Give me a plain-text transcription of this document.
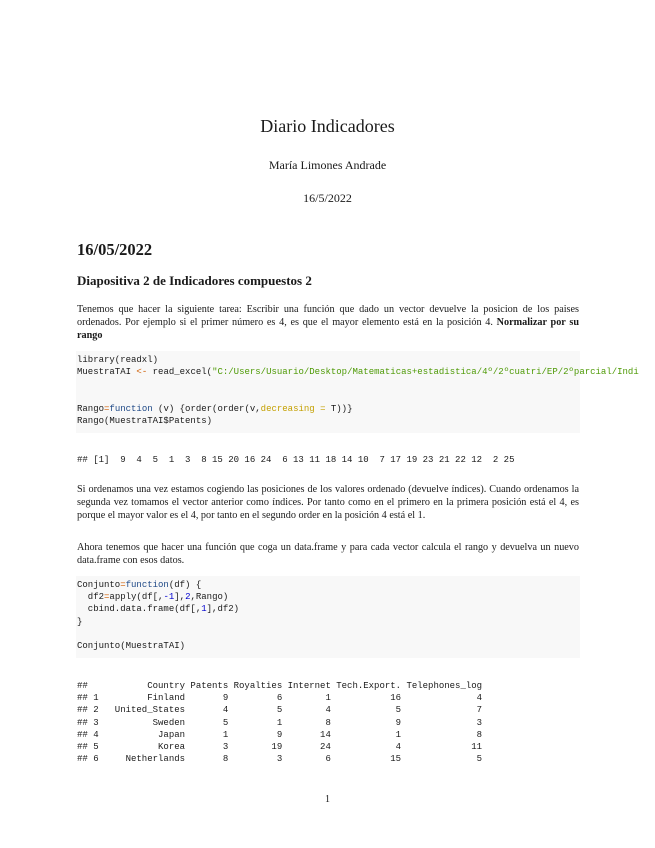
Diario Indicadores
María Limones Andrade
16/5/2022
16/05/2022
Diapositiva 2 de Indicadores compuestos 2
Tenemos que hacer la siguiente tarea: Escribir una función que dado un vector devuelve la posicion de los paises ordenados. Por ejemplo si el primer número es 4, es que el mayor elemento está en la posición 4. Normalizar por su rango
library(readxl)
MuestraTAI <- read_excel("C:/Users/Usuario/Desktop/Matematicas+estadistica/4º/2ºcuatri/EP/2ºparcial/Indi

Rango=function (v) {order(order(v,decreasing = T))}
Rango(MuestraTAI$Patents)
## [1]  9  4  5  1  3  8 15 20 16 24  6 13 11 18 14 10  7 17 19 23 21 22 12  2 25
Si ordenamos una vez estamos cogiendo las posiciones de los valores ordenado (devuelve índices). Cuando ordenamos la segunda vez tomamos el vector anterior como índices. Por tanto como en el primero en la primera posición está el 4, es porque el mayor valor es el 4, por tanto en el segundo order en la posición 4 está el 1.
Ahora tenemos que hacer una función que coga un data.frame y para cada vector calcula el rango y devuelva un nuevo data.frame con esos datos.
Conjunto=function(df) {
df2=apply(df[,-1],2,Rango)
cbind.data.frame(df[,1],df2)
}

Conjunto(MuestraTAI)
##           Country Patents Royalties Internet Tech.Export. Telephones_log
## 1         Finland       9         6        1           16              4
## 2   United_States       4         5        4            5              7
## 3          Sweden       5         1        8            9              3
## 4           Japan       1         9       14            1              8
## 5           Korea       3        19       24            4             11
## 6     Netherlands       8         3        6           15              5
1
